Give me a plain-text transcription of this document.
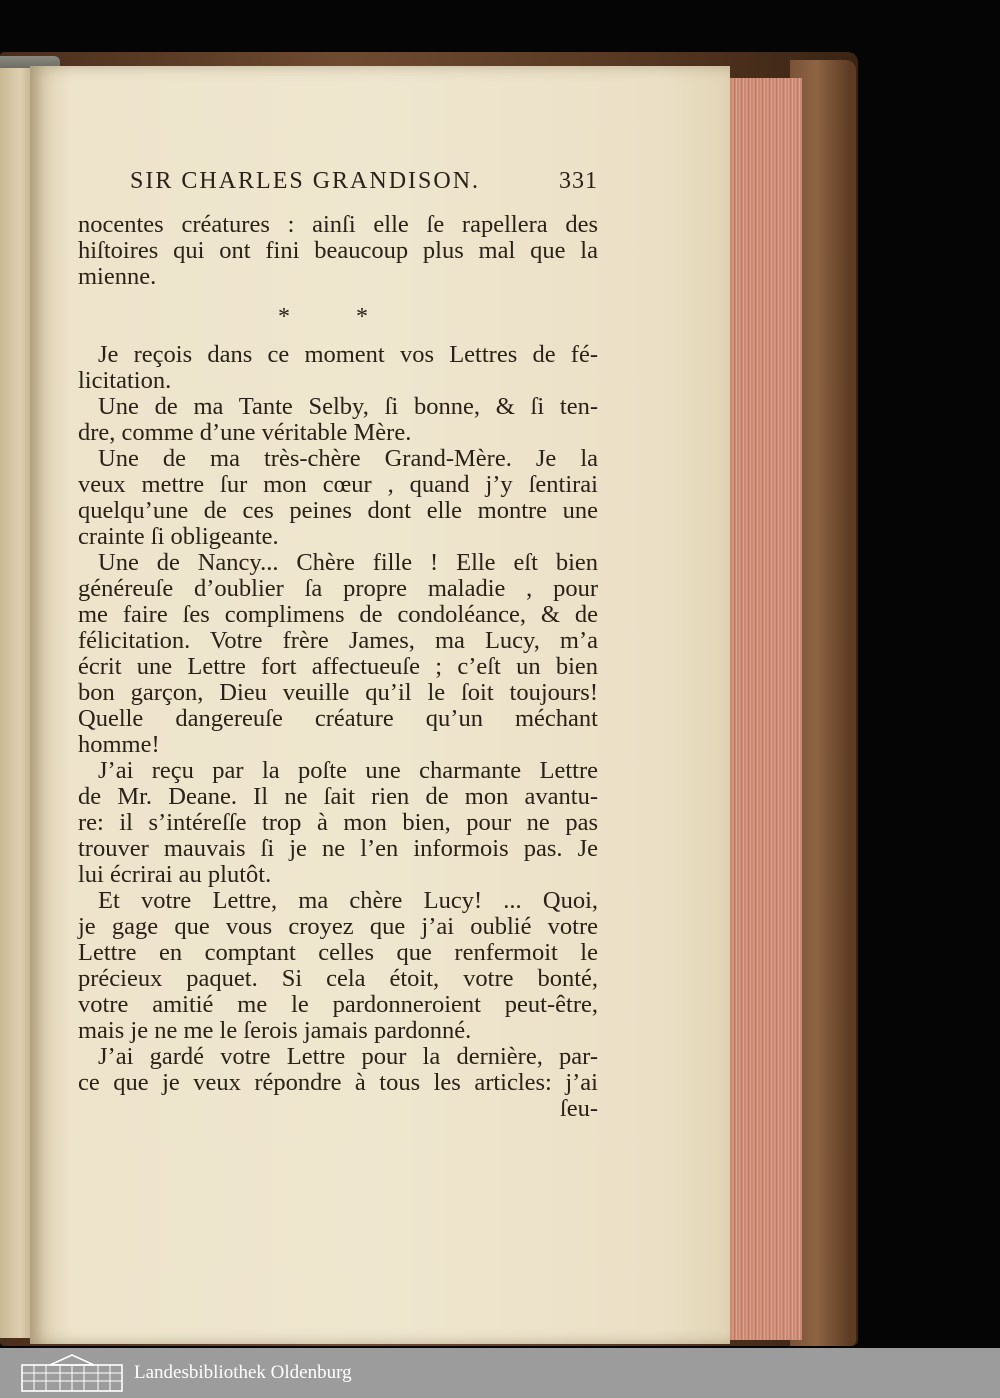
SIR CHARLES GRANDISON.	331
nocentes créatures : ainſi elle ſe rapellera des
hiſtoires qui ont fini beaucoup plus mal que la
mienne.
* *
Je reçois dans ce moment vos Lettres de fé-
licitation.
Une de ma Tante Selby, ſi bonne, & ſi ten-
dre, comme d’une véritable Mère.
Une de ma très-chère Grand-Mère. Je la
veux mettre ſur mon cœur , quand j’y ſentirai
quelqu’une de ces peines dont elle montre une
crainte ſi obligeante.
Une de Nancy... Chère fille ! Elle eſt bien
généreuſe d’oublier ſa propre maladie , pour
me faire ſes complimens de condoléance, & de
félicitation. Votre frère James, ma Lucy, m’a
écrit une Lettre fort affectueuſe ; c’eſt un bien
bon garçon, Dieu veuille qu’il le ſoit toujours!
Quelle dangereuſe créature qu’un méchant
homme!
J’ai reçu par la poſte une charmante Lettre
de Mr. Deane. Il ne ſait rien de mon avantu-
re: il s’intéreſſe trop à mon bien, pour ne pas
trouver mauvais ſi je ne l’en informois pas. Je
lui écrirai au plutôt.
Et votre Lettre, ma chère Lucy! ... Quoi,
je gage que vous croyez que j’ai oublié votre
Lettre en comptant celles que renfermoit le
précieux paquet. Si cela étoit, votre bonté,
votre amitié me le pardonneroient peut-être,
mais je ne me le ſerois jamais pardonné.
J’ai gardé votre Lettre pour la dernière, par-
ce que je veux répondre à tous les articles: j’ai
ſeu-
Landesbibliothek Oldenburg
